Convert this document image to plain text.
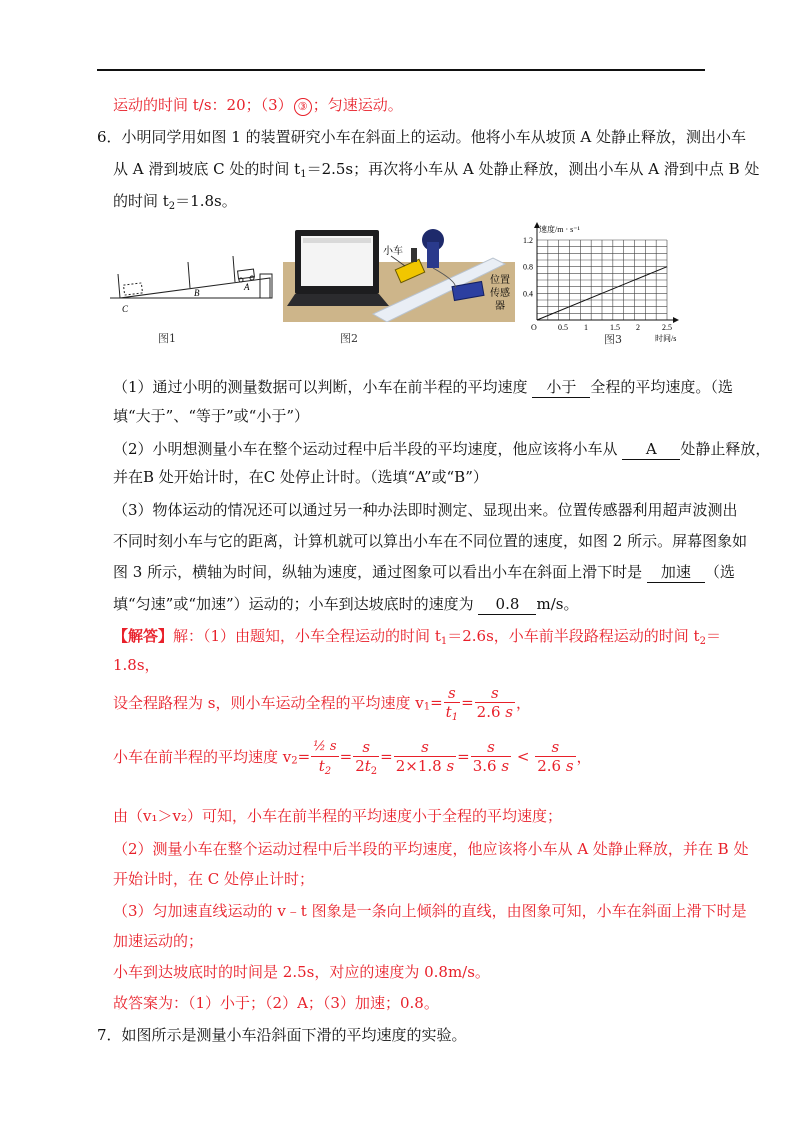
运动的时间 t/s：20；（3） ③ ；匀速运动。
6．小明同学用如图 1 的装置研究小车在斜面上的运动。他将小车从坡顶 A 处静止释放，测出小车
从 A 滑到坡底 C 处的时间 $t_1=2.5s$；再次将小车从 A 处静止释放，测出小车从 A 滑到中点 B 处
的时间 $t_2=1.8s$。
C
B
A
图1
小车
位置
传感
器
图2
O	0.5 1	1.5 2	2.5
0.4
0.8
1.2
速度/m · s⁻¹
时间/s
图3
（1）通过小明的测量数据可以判断，小车在前半程的平均速度 小于 全程的平均速度。（选
填“大于”、“等于”或“小于”）
（2）小明想测量小车在整个运动过程中后半段的平均速度，他应该将小车从 A 处静止释放，
并在B 处开始计时，在C 处停止计时。（选填“A”或“B”）
（3）物体运动的情况还可以通过另一种办法即时测定、显现出来。位置传感器利用超声波测出
不同时刻小车与它的距离，计算机就可以算出小车在不同位置的速度，如图 2 所示。屏幕图象如
图 3 所示，横轴为时间，纵轴为速度，通过图象可以看出小车在斜面上滑下时是 加速 （选
填“匀速”或“加速”）运动的；小车到达坡底时的速度为 0.8 m/s。
【解答】解：（1）由题知，小车全程运动的时间 $t_1=2.6s$，小车前半段路程运动的时间 $t_2=$
1.8s，
设全程路程为 s，则小车运动全程的平均速度 $v_1= \frac{s}{t_1} = \frac{s}{2.6 s}$ ，
小车在前半程的平均速度 $v_2= \frac{\text{½ s}}{t_2} = \frac{s}{2t_2} = \frac{s}{2\times 1.8 s} = \frac{s}{3.6 s} < \frac{s}{2.6 s}$ ，
由（v₁＞v₂）可知，小车在前半程的平均速度小于全程的平均速度；
（2）测量小车在整个运动过程中后半段的平均速度，他应该将小车从 A 处静止释放，并在 B 处
开始计时，在 C 处停止计时；
（3）匀加速直线运动的 v﹣t 图象是一条向上倾斜的直线，由图象可知，小车在斜面上滑下时是
加速运动的；
小车到达坡底时的时间是 2.5s，对应的速度为 0.8m/s。
故答案为：（1）小于；（2）A；（3）加速；0.8。
7．如图所示是测量小车沿斜面下滑的平均速度的实验。
